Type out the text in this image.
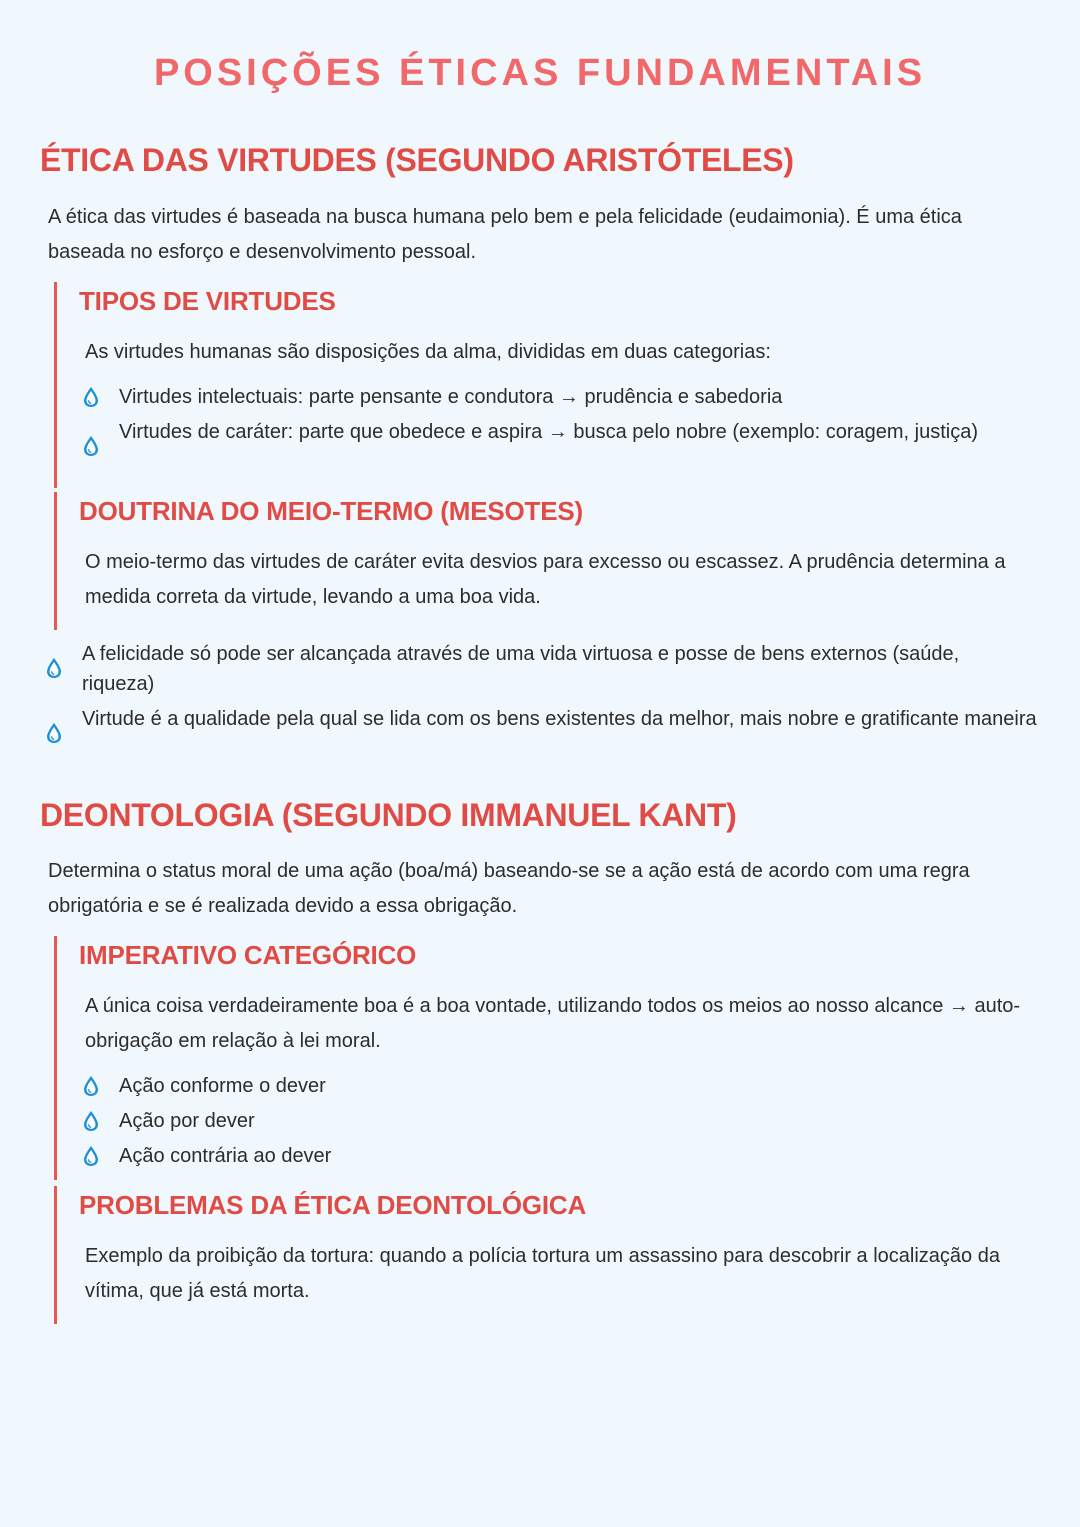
POSIÇÕES ÉTICAS FUNDAMENTAIS
ÉTICA DAS VIRTUDES (SEGUNDO ARISTÓTELES)

A ética das virtudes é baseada na busca humana pelo bem e pela felicidade (eudaimonia). É uma ética baseada no esforço e desenvolvimento pessoal.

TIPOS DE VIRTUDES

As virtudes humanas são disposições da alma, divididas em duas categorias:

Virtudes intelectuais: parte pensante e condutora → prudência e sabedoria
Virtudes de caráter: parte que obedece e aspira → busca pelo nobre (exemplo: coragem, justiça)
DOUTRINA DO MEIO-TERMO (MESOTES)

O meio-termo das virtudes de caráter evita desvios para excesso ou escassez. A prudência determina a medida correta da virtude, levando a uma boa vida.

A felicidade só pode ser alcançada através de uma vida virtuosa e posse de bens externos (saúde, riqueza)
Virtude é a qualidade pela qual se lida com os bens existentes da melhor, mais nobre e gratificante maneira
DEONTOLOGIA (SEGUNDO IMMANUEL KANT)

Determina o status moral de uma ação (boa/má) baseando-se se a ação está de acordo com uma regra obrigatória e se é realizada devido a essa obrigação.

IMPERATIVO CATEGÓRICO

A única coisa verdadeiramente boa é a boa vontade, utilizando todos os meios ao nosso alcance → auto-obrigação em relação à lei moral.

Ação conforme o dever
Ação por dever
Ação contrária ao dever
PROBLEMAS DA ÉTICA DEONTOLÓGICA

Exemplo da proibição da tortura: quando a polícia tortura um assassino para descobrir a localização da vítima, que já está morta.
